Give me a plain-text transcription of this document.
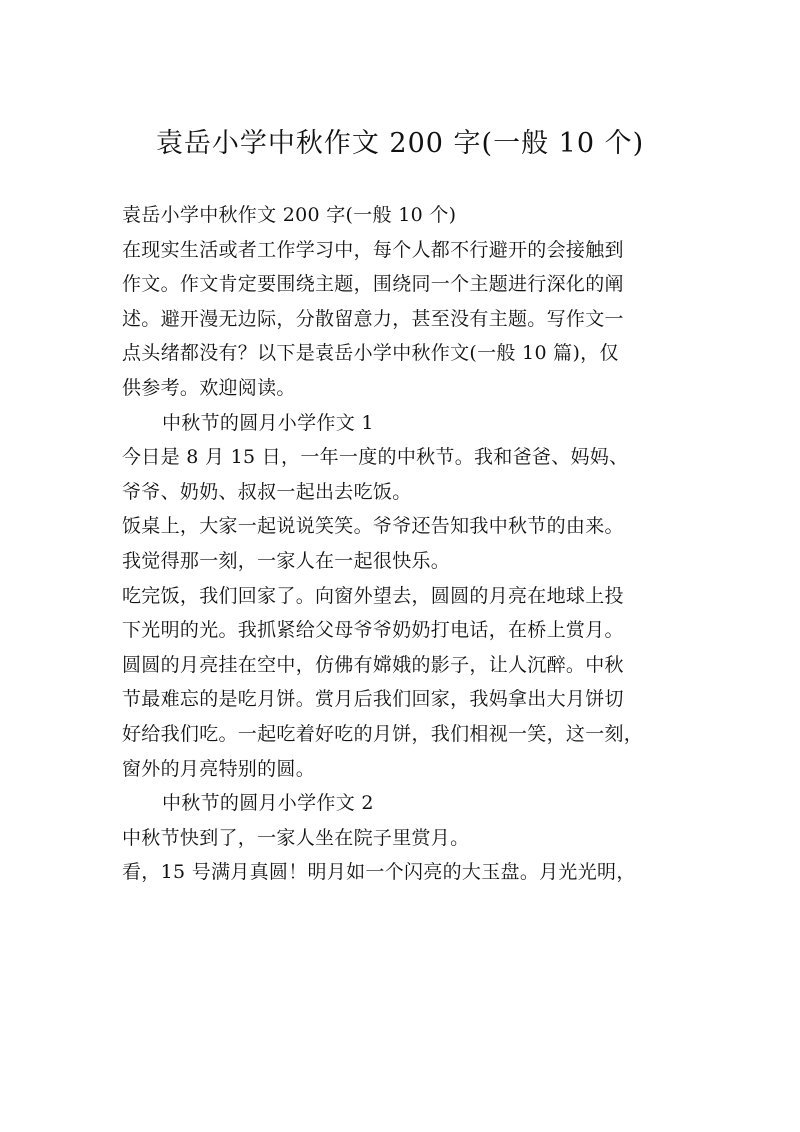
袁岳小学中秋作文 200 字(一般 10 个)
袁岳小学中秋作文 200 字(一般 10 个)
在现实生活或者工作学习中，每个人都不行避开的会接触到
作文。作文肯定要围绕主题，围绕同一个主题进行深化的阐
述。避开漫无边际，分散留意力，甚至没有主题。写作文一
点头绪都没有？以下是袁岳小学中秋作文(一般 10 篇)，仅
供参考。欢迎阅读。
中秋节的圆月小学作文 1
今日是 8 月 15 日，一年一度的中秋节。我和爸爸、妈妈、
爷爷、奶奶、叔叔一起出去吃饭。
饭桌上，大家一起说说笑笑。爷爷还告知我中秋节的由来。
我觉得那一刻，一家人在一起很快乐。
吃完饭，我们回家了。向窗外望去，圆圆的月亮在地球上投
下光明的光。我抓紧给父母爷爷奶奶打电话，在桥上赏月。
圆圆的月亮挂在空中，仿佛有嫦娥的影子，让人沉醉。中秋
节最难忘的是吃月饼。赏月后我们回家，我妈拿出大月饼切
好给我们吃。一起吃着好吃的月饼，我们相视一笑，这一刻，
窗外的月亮特别的圆。
中秋节的圆月小学作文 2
中秋节快到了，一家人坐在院子里赏月。
看，15 号满月真圆！明月如一个闪亮的大玉盘。月光光明，
